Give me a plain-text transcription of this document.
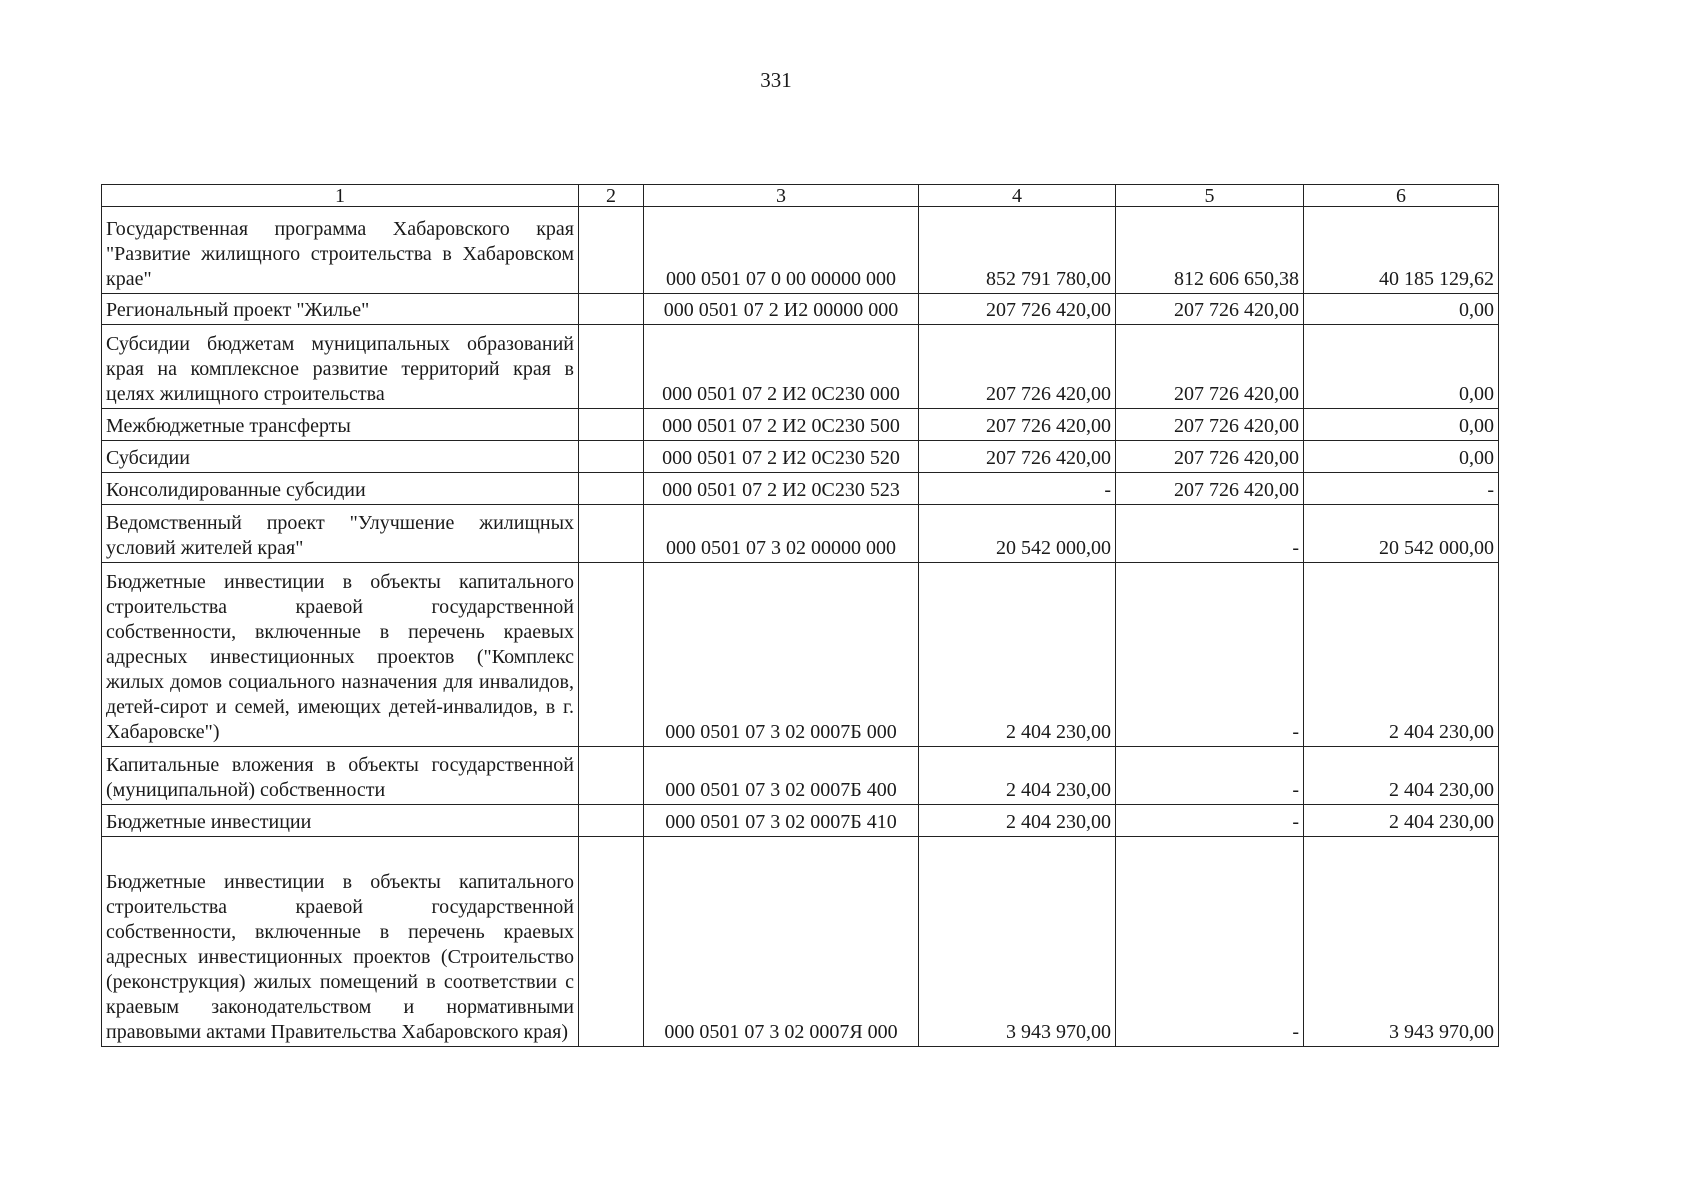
331
1	2	3	4	5	6
Государственная программа Хабаровского края "Развитие жилищного строительства в Хабаровском крае"		000 0501 07 0 00 00000 000	852 791 780,00	812 606 650,38	40 185 129,62
Региональный проект "Жилье"		000 0501 07 2 И2 00000 000	207 726 420,00	207 726 420,00	0,00
Субсидии бюджетам муниципальных образований края на комплексное развитие территорий края в целях жилищного строительства		000 0501 07 2 И2 0С230 000	207 726 420,00	207 726 420,00	0,00
Межбюджетные трансферты		000 0501 07 2 И2 0С230 500	207 726 420,00	207 726 420,00	0,00
Субсидии		000 0501 07 2 И2 0С230 520	207 726 420,00	207 726 420,00	0,00
Консолидированные субсидии		000 0501 07 2 И2 0С230 523	-	207 726 420,00	-
Ведомственный проект "Улучшение жилищных условий жителей края"		000 0501 07 3 02 00000 000	20 542 000,00	-	20 542 000,00
Бюджетные инвестиции в объекты капитального строительства краевой государственной собственности, включенные в перечень краевых адресных инвестиционных проектов ("Комплекс жилых домов социального назначения для инвалидов, детей-сирот и семей, имеющих детей-инвалидов, в г. Хабаровске")		000 0501 07 3 02 0007Б 000	2 404 230,00	-	2 404 230,00
Капитальные вложения в объекты государственной (муниципальной) собственности		000 0501 07 3 02 0007Б 400	2 404 230,00	-	2 404 230,00
Бюджетные инвестиции		000 0501 07 3 02 0007Б 410	2 404 230,00	-	2 404 230,00
Бюджетные инвестиции в объекты капитального строительства краевой государственной собственности, включенные в перечень краевых адресных инвестиционных проектов (Строительство (реконструкция) жилых помещений в соответствии с краевым законодательством и нормативными правовыми актами Правительства Хабаровского края)		000 0501 07 3 02 0007Я 000	3 943 970,00	-	3 943 970,00
